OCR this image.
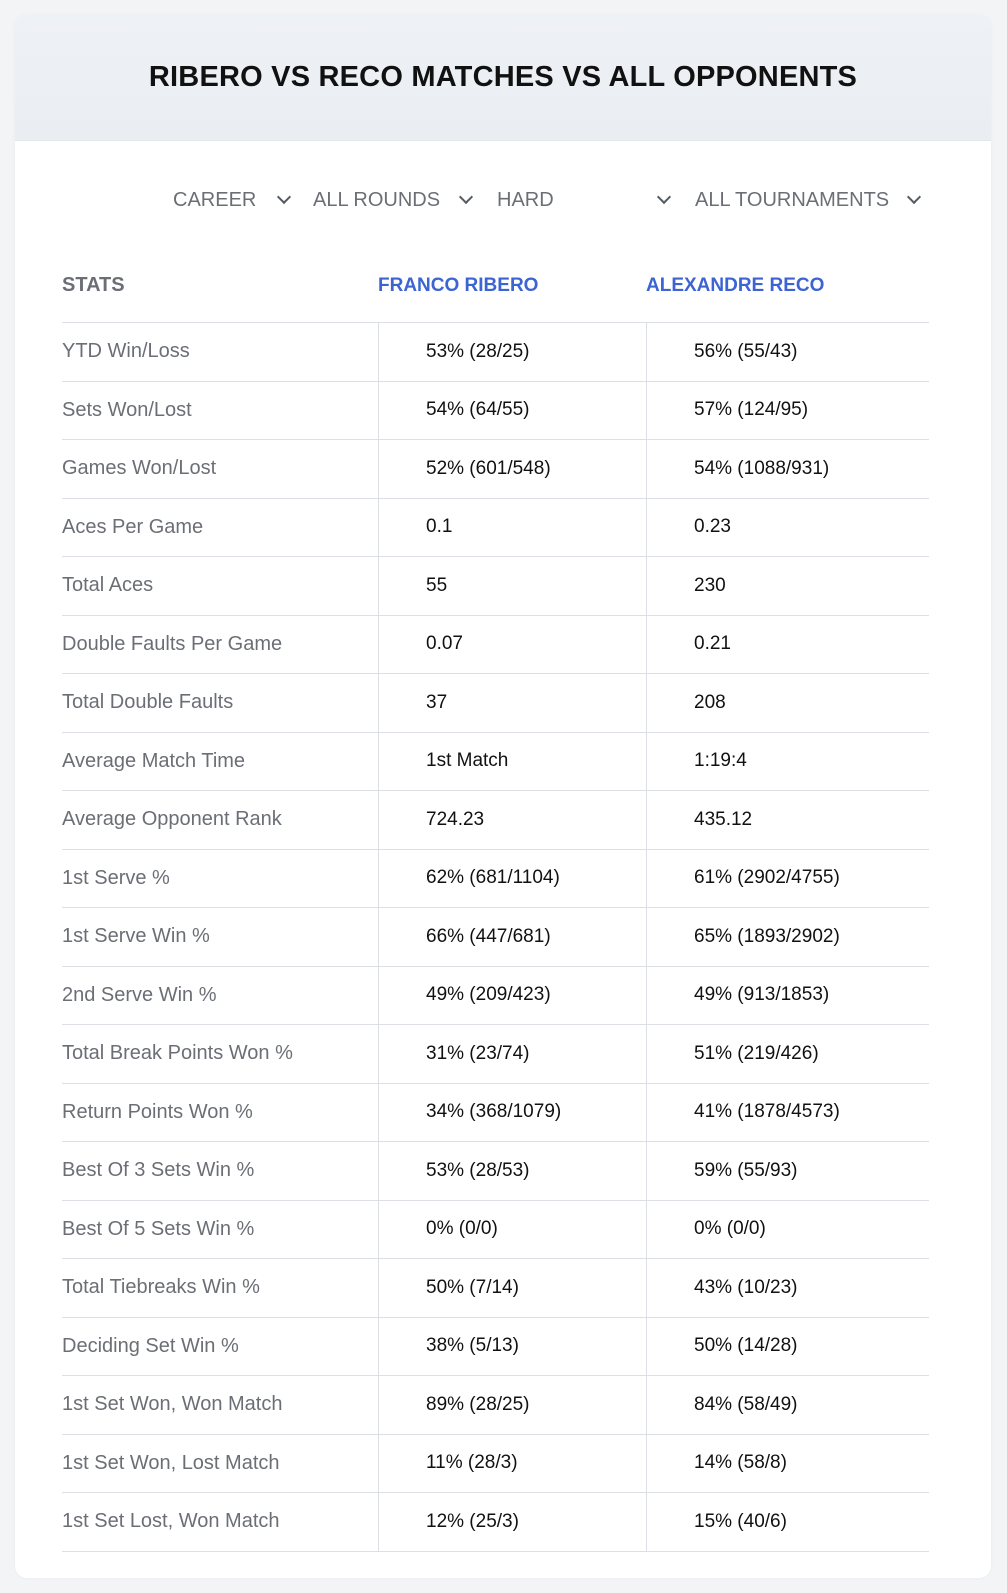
RIBERO VS RECO MATCHES VS ALL OPPONENTS
CAREER	ALL ROUNDS	HARD	ALL TOURNAMENTS
STATS	FRANCO RIBERO	ALEXANDRE RECO
YTD Win/Loss	53% (28/25)	56% (55/43)
Sets Won/Lost	54% (64/55)	57% (124/95)
Games Won/Lost	52% (601/548)	54% (1088/931)
Aces Per Game	0.1	0.23
Total Aces	55	230
Double Faults Per Game	0.07	0.21
Total Double Faults	37	208
Average Match Time	1st Match	1:19:4
Average Opponent Rank	724.23	435.12
1st Serve %	62% (681/1104)	61% (2902/4755)
1st Serve Win %	66% (447/681)	65% (1893/2902)
2nd Serve Win %	49% (209/423)	49% (913/1853)
Total Break Points Won %	31% (23/74)	51% (219/426)
Return Points Won %	34% (368/1079)	41% (1878/4573)
Best Of 3 Sets Win %	53% (28/53)	59% (55/93)
Best Of 5 Sets Win %	0% (0/0)	0% (0/0)
Total Tiebreaks Win %	50% (7/14)	43% (10/23)
Deciding Set Win %	38% (5/13)	50% (14/28)
1st Set Won, Won Match	89% (28/25)	84% (58/49)
1st Set Won, Lost Match	11% (28/3)	14% (58/8)
1st Set Lost, Won Match	12% (25/3)	15% (40/6)
